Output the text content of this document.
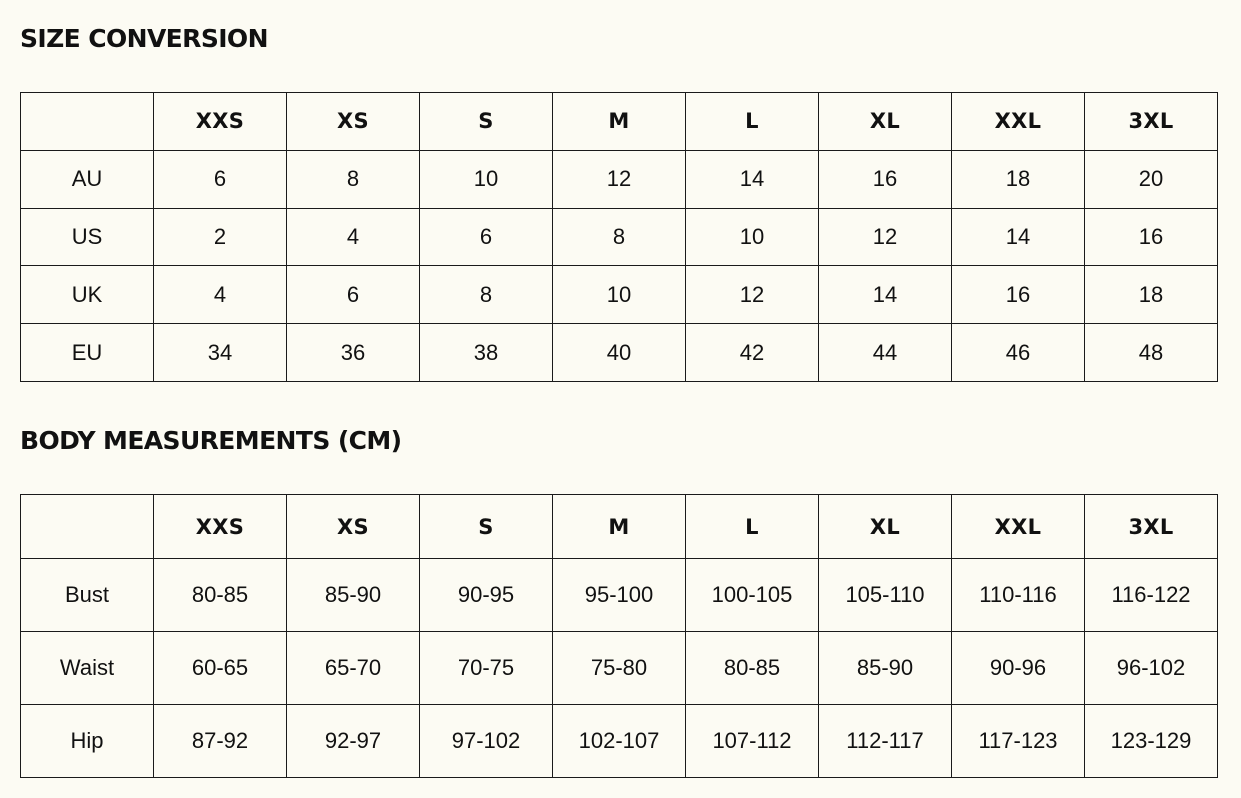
SIZE CONVERSION
	XXS	XS	S	M	L	XL	XXL	3XL
AU	6	8	10	12	14	16	18	20
US	2	4	6	8	10	12	14	16
UK	4	6	8	10	12	14	16	18
EU	34	36	38	40	42	44	46	48
BODY MEASUREMENTS (CM)
	XXS	XS	S	M	L	XL	XXL	3XL
Bust	80-85	85-90	90-95	95-100	100-105	105-110	110-116	116-122
Waist	60-65	65-70	70-75	75-80	80-85	85-90	90-96	96-102
Hip	87-92	92-97	97-102	102-107	107-112	112-117	117-123	123-129
